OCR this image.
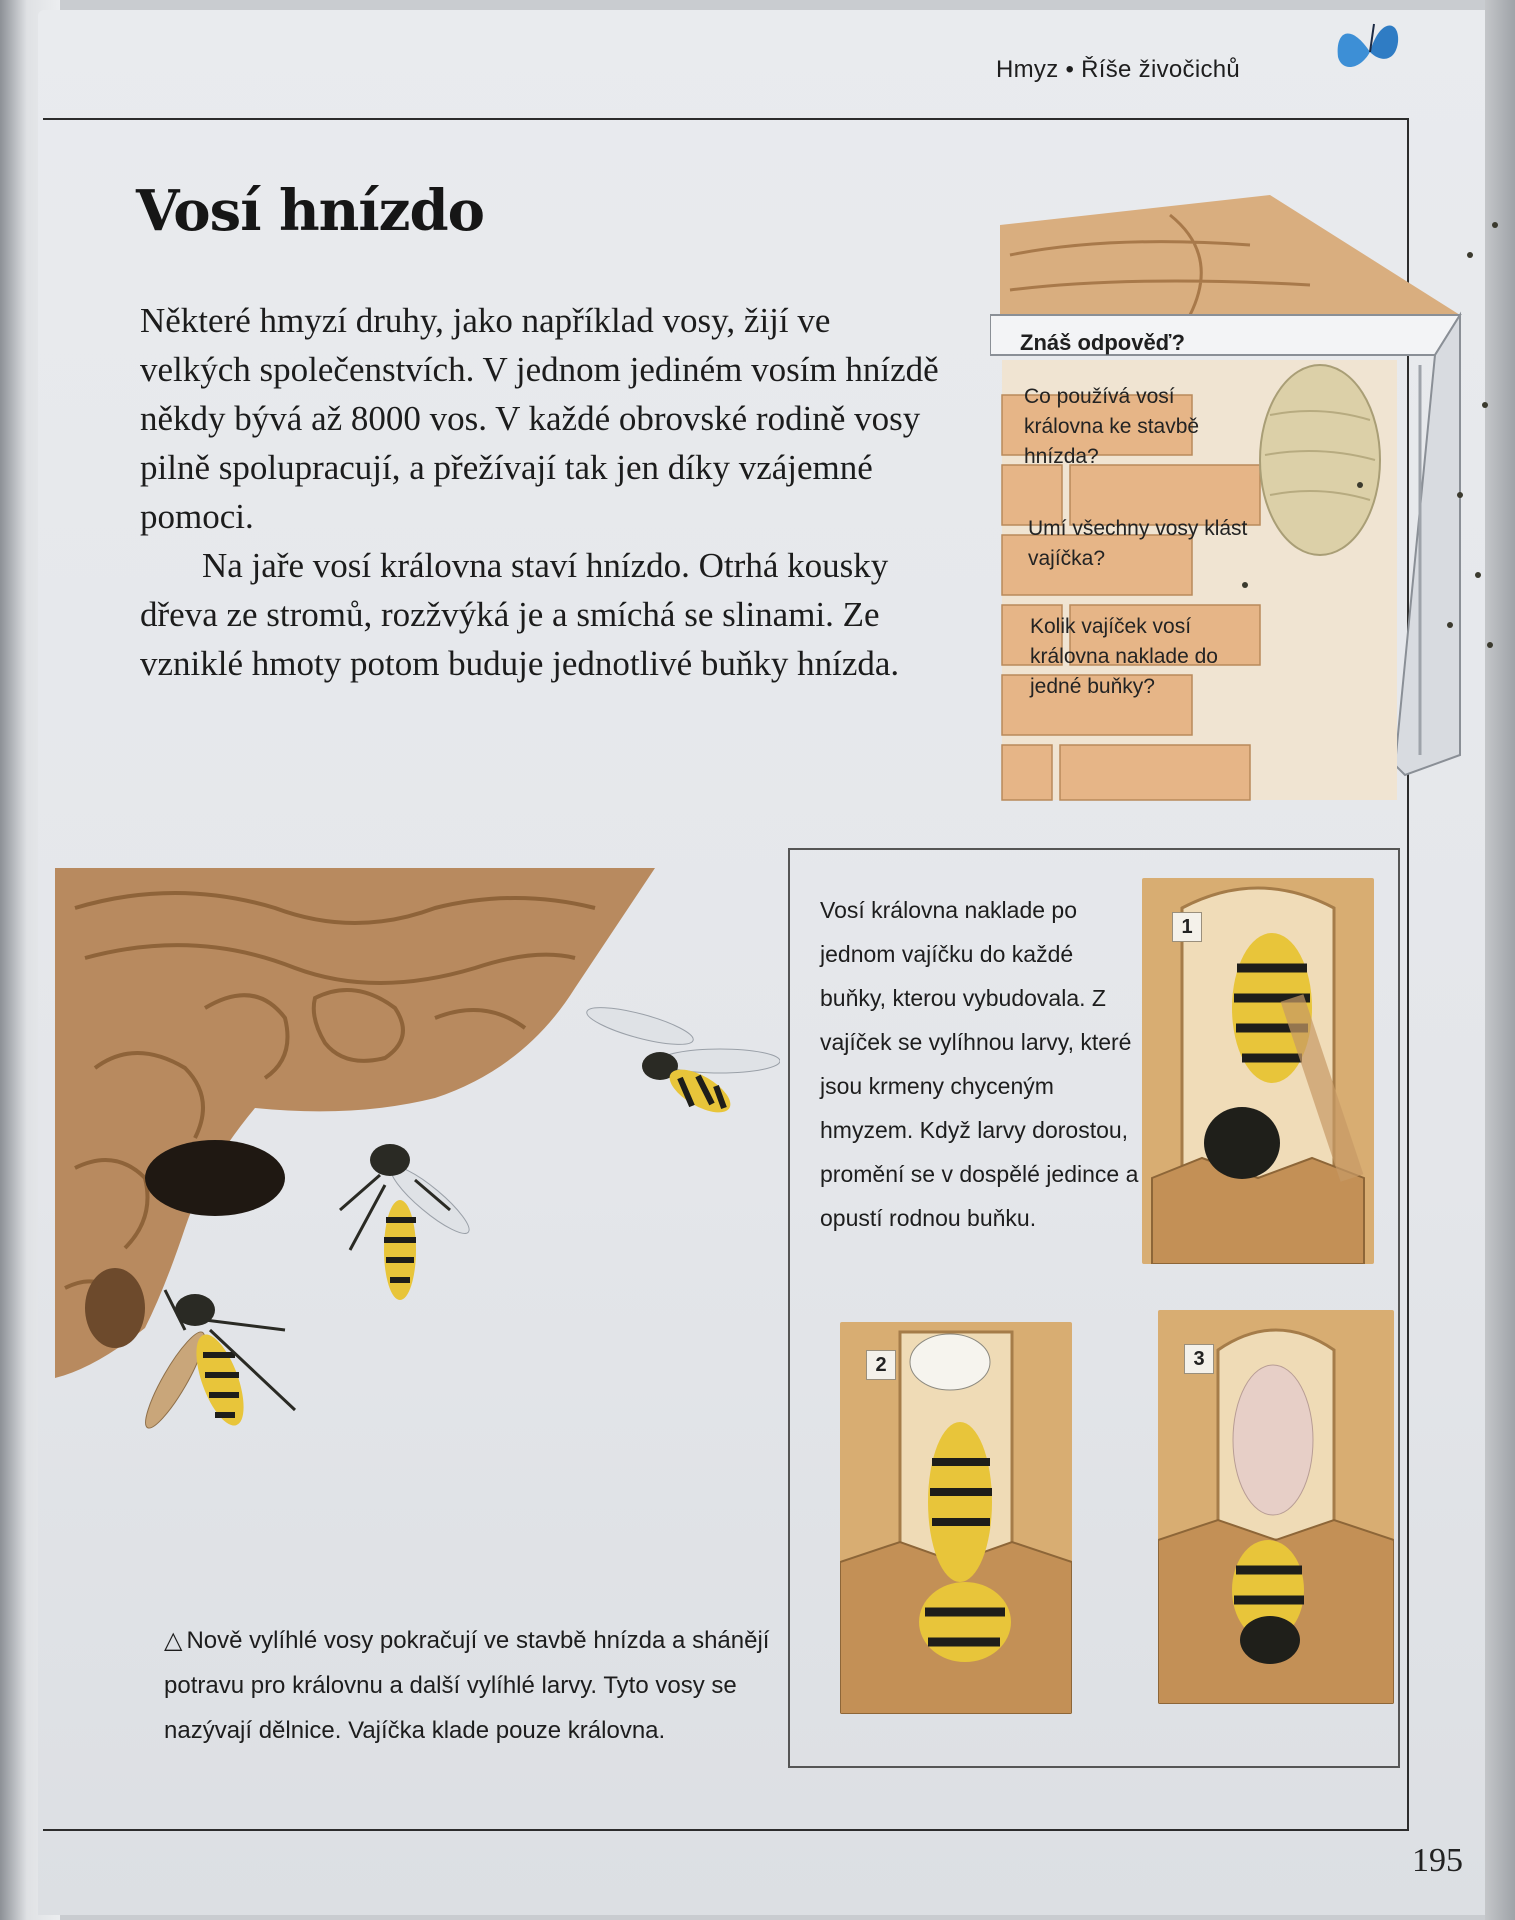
Hmyz • Říše živočichů
Vosí hnízdo

Některé hmyzí druhy, jako například vosy, žijí ve velkých společenstvích. V jednom jediném vosím hnízdě někdy bývá až 8000 vos. V každé obrovské rodině vosy pilně spolupracují, a přežívají tak jen díky vzájemné pomoci.

Na jaře vosí královna staví hnízdo. Otrhá kousky dřeva ze stromů, rozžvýká je a smíchá se slinami. Ze vzniklé hmoty potom buduje jednotlivé buňky hnízda.

Znáš odpověď?
Co používá vosí královna ke stavbě hnízda?
Umí všechny vosy klást vajíčka?
Kolik vajíček vosí královna naklade do jedné buňky?
Vosí královna naklade po jednom vajíčku do každé buňky, kterou vybudovala. Z vajíček se vylíhnou larvy, které jsou krmeny chyceným hmyzem. Když larvy dorostou, promění se v dospělé jedince a opustí rodnou buňku.
1
2	3
△ Nově vylíhlé vosy pokračují ve stavbě hnízda a shánějí potravu pro královnu a další vylíhlé larvy. Tyto vosy se nazývají dělnice. Vajíčka klade pouze královna.
195
